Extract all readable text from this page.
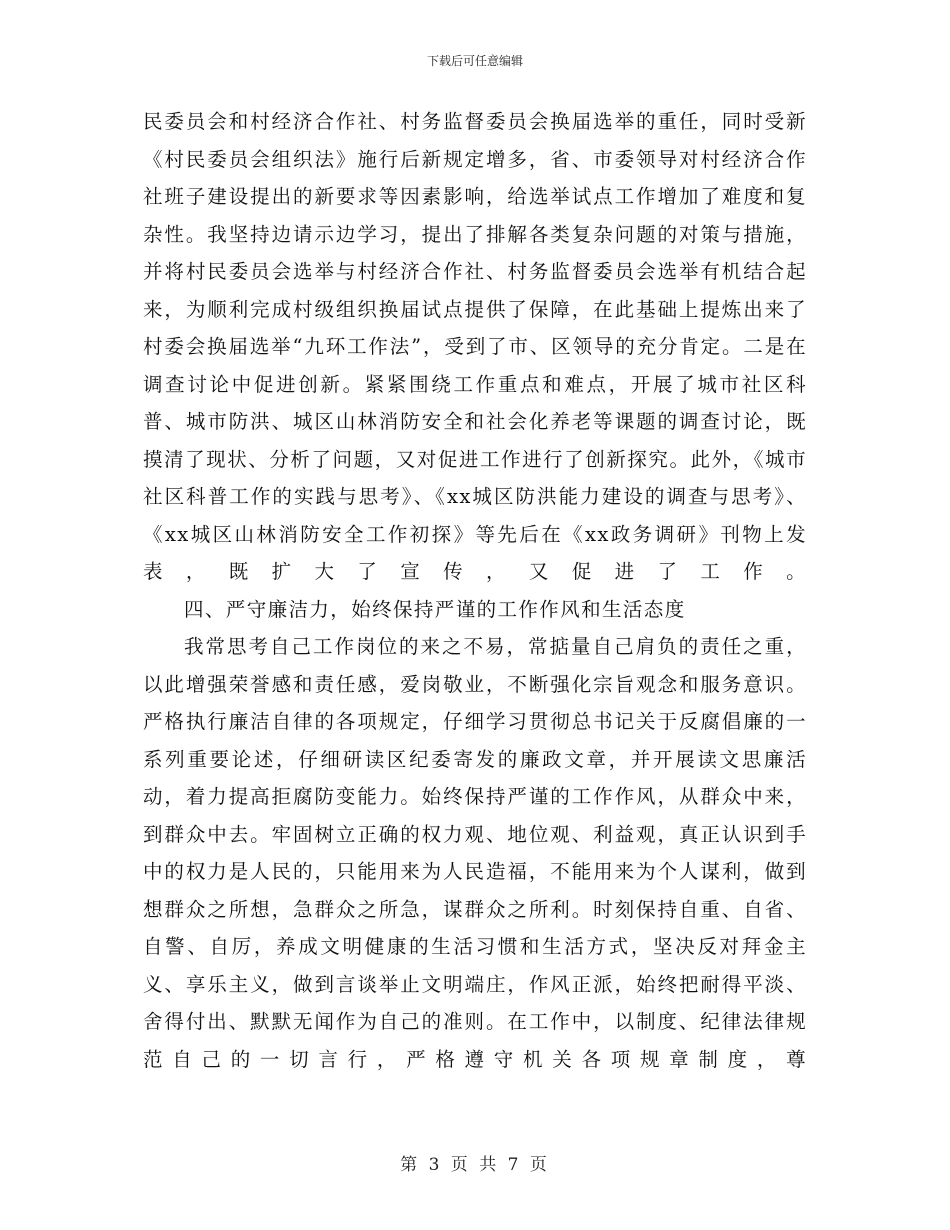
下载后可任意编辑

民委员会和村经济合作社、村务监督委员会换届选举的重任，同时受新《村民委员会组织法》施行后新规定增多，省、市委领导对村经济合作社班子建设提出的新要求等因素影响，给选举试点工作增加了难度和复杂性。我坚持边请示边学习，提出了排解各类复杂问题的对策与措施，并将村民委员会选举与村经济合作社、村务监督委员会选举有机结合起来，为顺利完成村级组织换届试点提供了保障，在此基础上提炼出来了村委会换届选举“九环工作法”，受到了市、区领导的充分肯定。二是在调查讨论中促进创新。紧紧围绕工作重点和难点，开展了城市社区科普、城市防洪、城区山林消防安全和社会化养老等课题的调查讨论，既摸清了现状、分析了问题，又对促进工作进行了创新探究。此外，《城市社区科普工作的实践与思考》、《xx城区防洪能力建设的调查与思考》、《xx城区山林消防安全工作初探》等先后在《xx政务调研》刊物上发表，既扩大了宣传，又促进了工作。

四、严守廉洁力，始终保持严谨的工作作风和生活态度

我常思考自己工作岗位的来之不易，常掂量自己肩负的责任之重，以此增强荣誉感和责任感，爱岗敬业，不断强化宗旨观念和服务意识。严格执行廉洁自律的各项规定，仔细学习贯彻总书记关于反腐倡廉的一系列重要论述，仔细研读区纪委寄发的廉政文章，并开展读文思廉活动，着力提高拒腐防变能力。始终保持严谨的工作作风，从群众中来，到群众中去。牢固树立正确的权力观、地位观、利益观，真正认识到手中的权力是人民的，只能用来为人民造福，不能用来为个人谋利，做到想群众之所想，急群众之所急，谋群众之所利。时刻保持自重、自省、自警、自厉，养成文明健康的生活习惯和生活方式，坚决反对拜金主义、享乐主义，做到言谈举止文明端庄，作风正派，始终把耐得平淡、舍得付出、默默无闻作为自己的准则。在工作中，以制度、纪律法律规范自己的一切言行，严格遵守机关各项规章制度，尊

第 3 页 共 7 页
